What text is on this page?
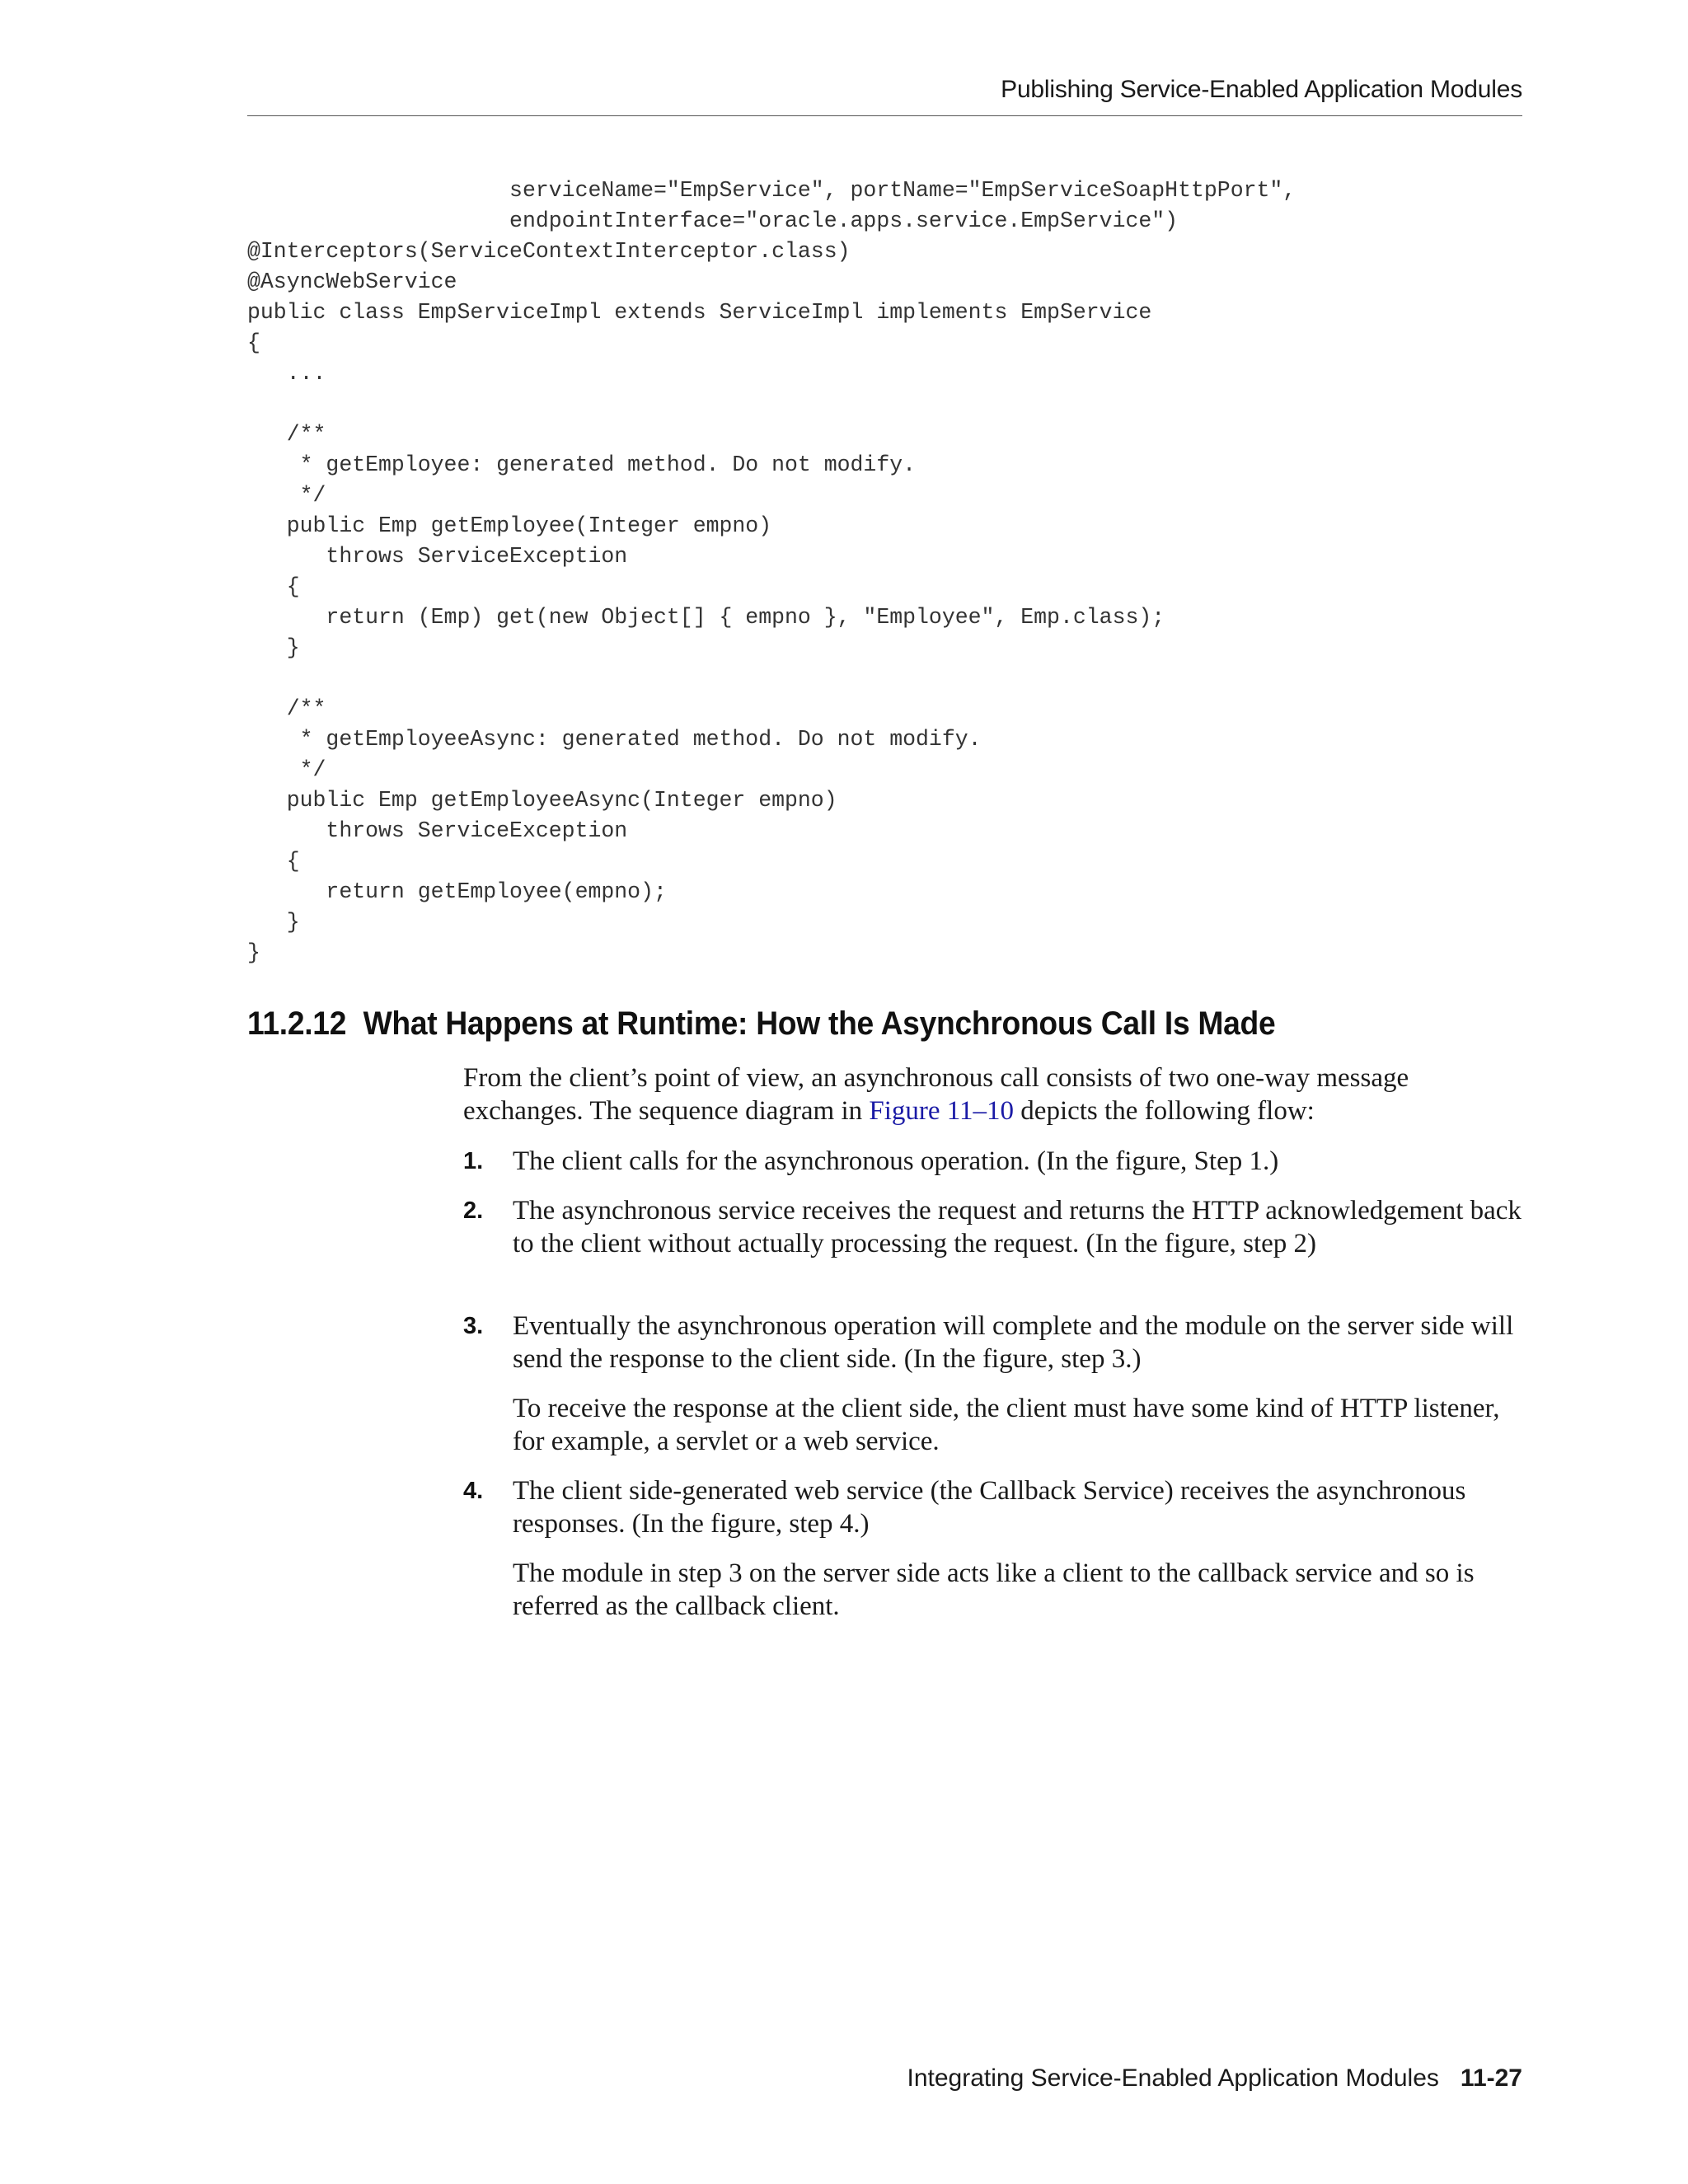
Publishing Service-Enabled Application Modules
serviceName="EmpService", portName="EmpServiceSoapHttpPort",
endpointInterface="oracle.apps.service.EmpService")
@Interceptors(ServiceContextInterceptor.class)
@AsyncWebService
public class EmpServiceImpl extends ServiceImpl implements EmpService
{
...
/**
* getEmployee: generated method. Do not modify.
*/
public Emp getEmployee(Integer empno)
throws ServiceException
{
return (Emp) get(new Object[] { empno }, "Employee", Emp.class);
}
/**
* getEmployeeAsync: generated method. Do not modify.
*/
public Emp getEmployeeAsync(Integer empno)
throws ServiceException
{
return getEmployee(empno);
}
}
11.2.12 What Happens at Runtime: How the Asynchronous Call Is Made
From the client’s point of view, an asynchronous call consists of two one-way message exchanges. The sequence diagram in Figure 11–10 depicts the following flow:
1. The client calls for the asynchronous operation. (In the figure, Step 1.)
2. The asynchronous service receives the request and returns the HTTP acknowledgement back to the client without actually processing the request. (In the figure, step 2)
3. Eventually the asynchronous operation will complete and the module on the server side will send the response to the client side. (In the figure, step 3.)
To receive the response at the client side, the client must have some kind of HTTP listener, for example, a servlet or a web service.
4. The client side-generated web service (the Callback Service) receives the asynchronous responses. (In the figure, step 4.)
The module in step 3 on the server side acts like a client to the callback service and so is referred as the callback client.
Integrating Service-Enabled Application Modules 11-27
